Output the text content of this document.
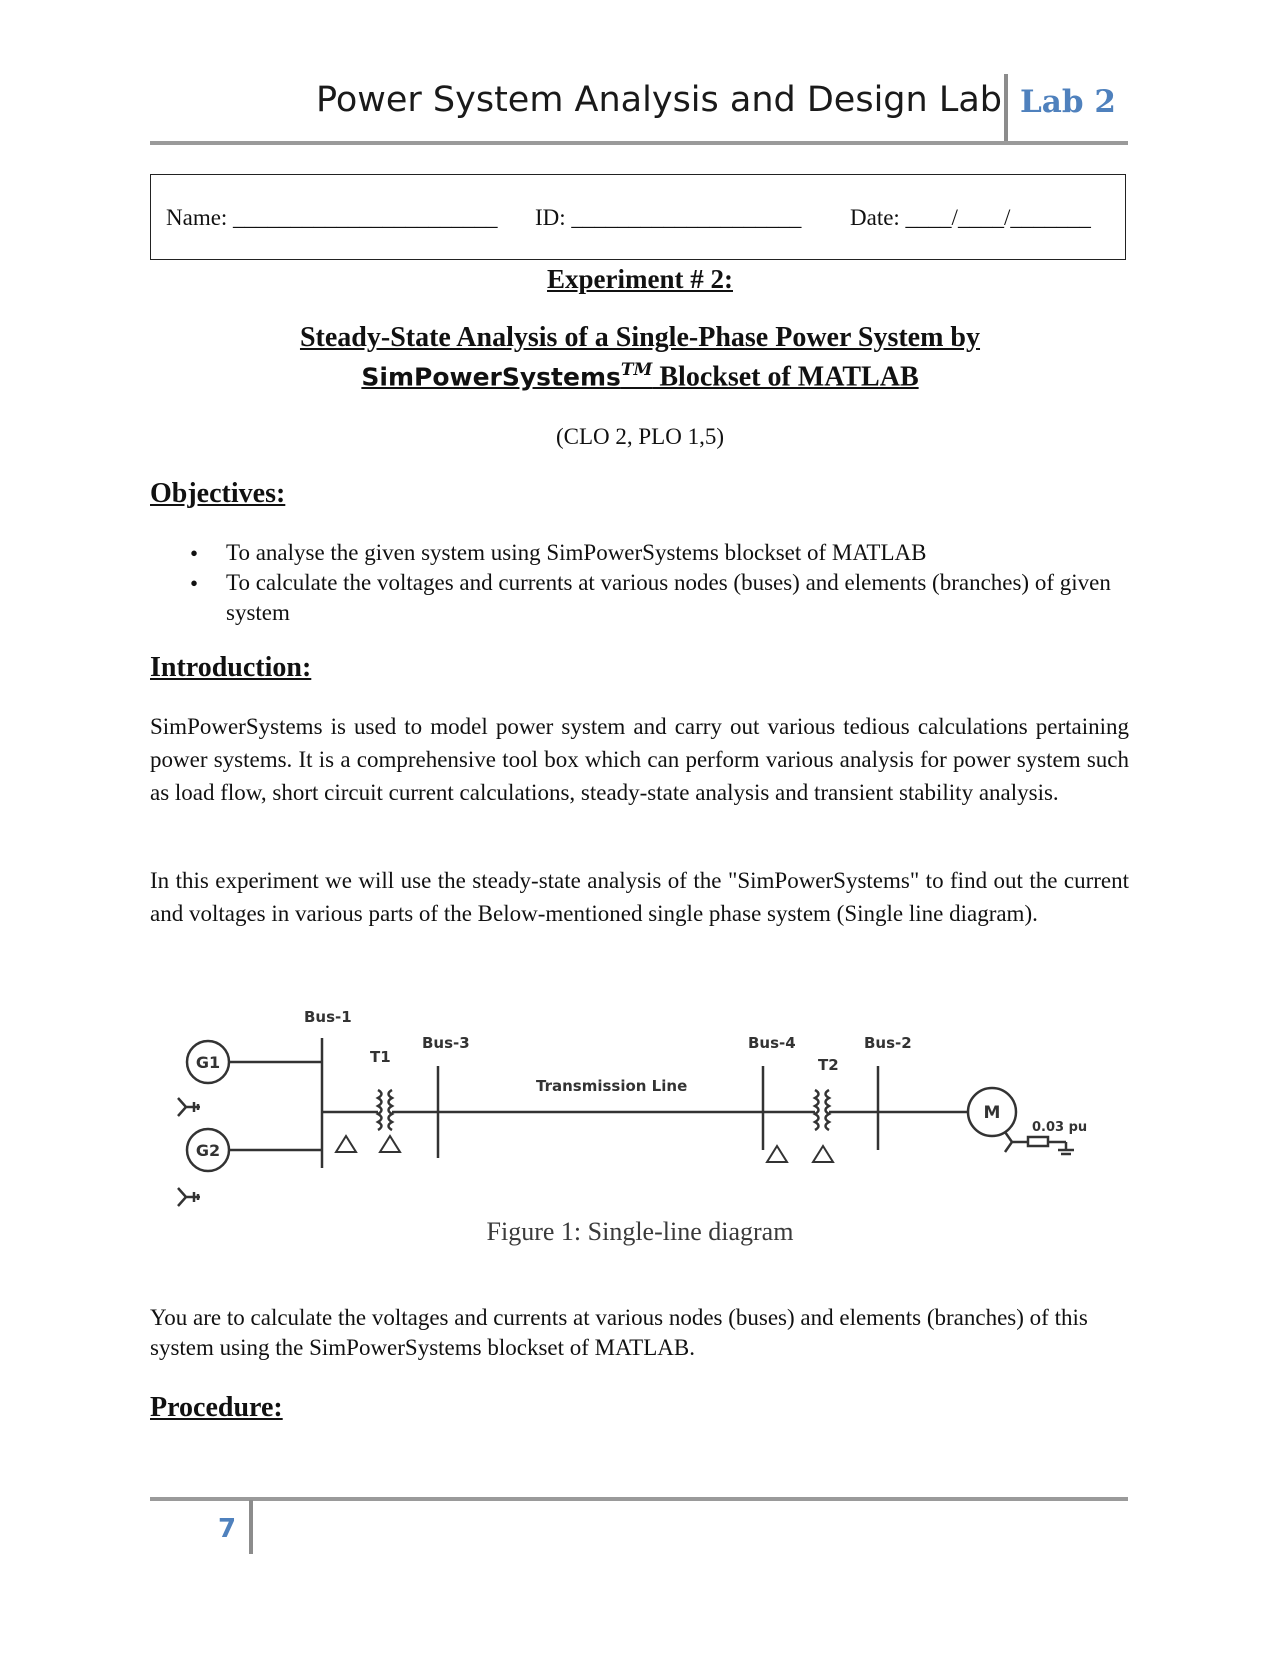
Power System Analysis and Design Lab Lab 2
Name: _______________________ ID: ____________________ Date: ____/____/_______
Experiment # 2:
Steady-State Analysis of a Single-Phase Power System by
SimPowerSystems™ Blockset of MATLAB
(CLO 2, PLO 1,5)
Objectives:
• To analyse the given system using SimPowerSystems blockset of MATLAB
• To calculate the voltages and currents at various nodes (buses) and elements (branches) of given system
Introduction:
SimPowerSystems is used to model power system and carry out various tedious calculations pertaining power systems. It is a comprehensive tool box which can perform various analysis for power system such as load flow, short circuit current calculations, steady-state analysis and transient stability analysis.
In this experiment we will use the steady-state analysis of the "SimPowerSystems" to find out the current and voltages in various parts of the Below-mentioned single phase system (Single line diagram).
G1
G2
Bus-1
T1
Bus-3
Transmission Line
Bus-4
T2
Bus-2
M
0.03 pu
Figure 1: Single-line diagram
You are to calculate the voltages and currents at various nodes (buses) and elements (branches) of this system using the SimPowerSystems blockset of MATLAB.
Procedure:
7
